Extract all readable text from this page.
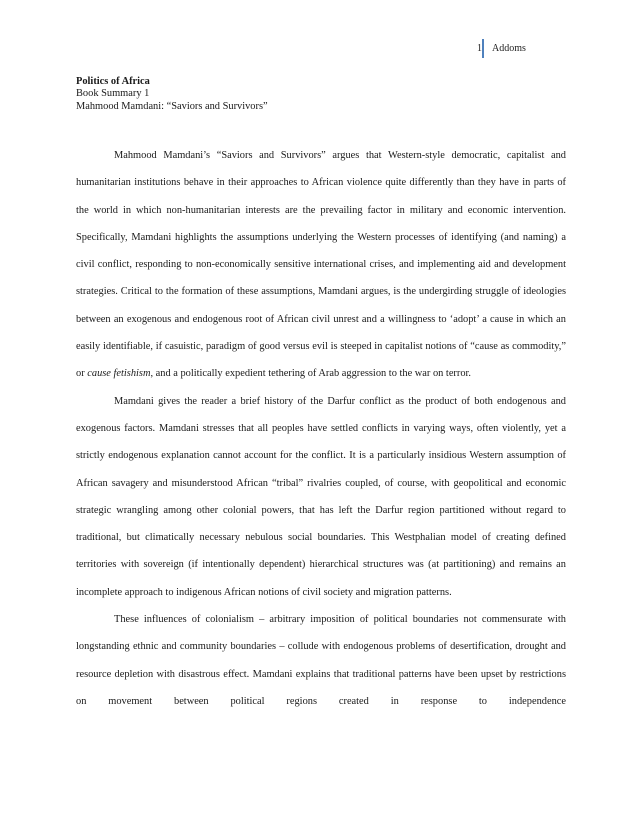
1 Addoms
Politics of Africa
Book Summary 1
Mahmood Mamdani: “Saviors and Survivors”

Mahmood Mamdani’s “Saviors and Survivors” argues that Western-style democratic, capitalist and humanitarian institutions behave in their approaches to African violence quite differently than they have in parts of the world in which non-humanitarian interests are the prevailing factor in military and economic intervention. Specifically, Mamdani highlights the assumptions underlying the Western processes of identifying (and naming) a civil conflict, responding to non-economically sensitive international crises, and implementing aid and development strategies. Critical to the formation of these assumptions, Mamdani argues, is the undergirding struggle of ideologies between an exogenous and endogenous root of African civil unrest and a willingness to ‘adopt’ a cause in which an easily identifiable, if casuistic, paradigm of good versus evil is steeped in capitalist notions of “cause as commodity,” or cause fetishism, and a politically expedient tethering of Arab aggression to the war on terror.

Mamdani gives the reader a brief history of the Darfur conflict as the product of both endogenous and exogenous factors. Mamdani stresses that all peoples have settled conflicts in varying ways, often violently, yet a strictly endogenous explanation cannot account for the conflict. It is a particularly insidious Western assumption of African savagery and misunderstood African “tribal” rivalries coupled, of course, with geopolitical and economic strategic wrangling among other colonial powers, that has left the Darfur region partitioned without regard to traditional, but climatically necessary nebulous social boundaries. This Westphalian model of creating defined territories with sovereign (if intentionally dependent) hierarchical structures was (at partitioning) and remains an incomplete approach to indigenous African notions of civil society and migration patterns.

These influences of colonialism – arbitrary imposition of political boundaries not commensurate with longstanding ethnic and community boundaries – collude with endogenous problems of desertification, drought and resource depletion with disastrous effect. Mamdani explains that traditional patterns have been upset by restrictions on movement between political regions created in response to independence
